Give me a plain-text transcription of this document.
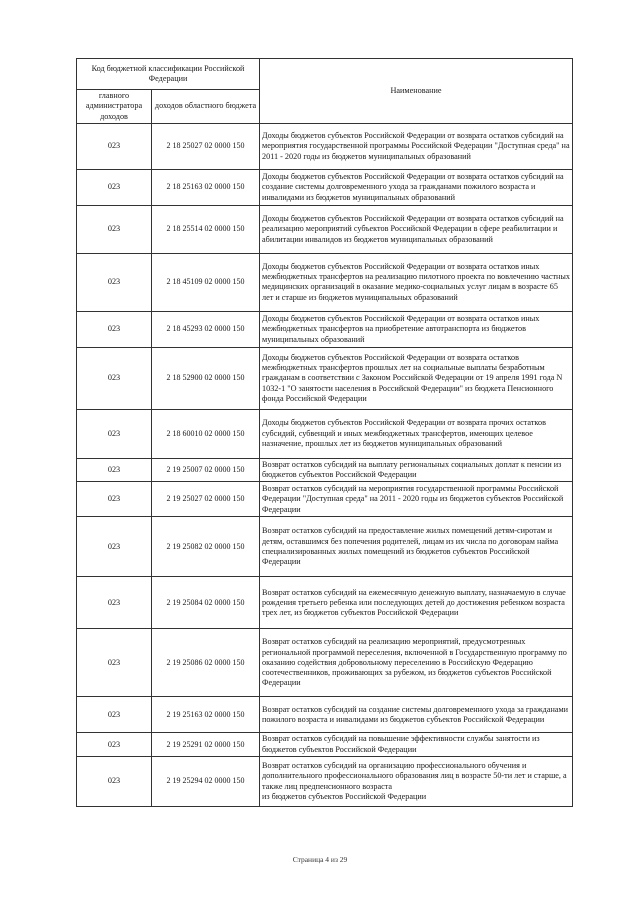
Код бюджетной классификации Российской Федерации		Наименование
главного администратора доходов	доходов областного бюджета	
023	2 18 25027 02 0000 150	Доходы бюджетов субъектов Российской Федерации от возврата остатков субсидий на мероприятия государственной программы Российской Федерации "Доступная среда" на 2011 - 2020 годы из бюджетов муниципальных образований
023	2 18 25163 02 0000 150	Доходы бюджетов субъектов Российской Федерации от возврата остатков субсидий на создание системы долговременного ухода за гражданами пожилого возраста и инвалидами из бюджетов муниципальных образований
023	2 18 25514 02 0000 150	Доходы бюджетов субъектов Российской Федерации от возврата остатков субсидий на реализацию мероприятий субъектов Российской Федерации в сфере реабилитации и абилитации инвалидов из бюджетов муниципальных образований
023	2 18 45109 02 0000 150	Доходы бюджетов субъектов Российской Федерации от возврата остатков иных межбюджетных трансфертов на реализацию пилотного проекта по вовлечению частных медицинских организаций в оказание медико-социальных услуг лицам в возрасте 65 лет и старше из бюджетов муниципальных образований
023	2 18 45293 02 0000 150	Доходы бюджетов субъектов Российской Федерации от возврата остатков иных межбюджетных трансфертов на приобретение автотранспорта из бюджетов муниципальных образований
023	2 18 52900 02 0000 150	Доходы бюджетов субъектов Российской Федерации от возврата остатков межбюджетных трансфертов прошлых лет на социальные выплаты безработным гражданам в соответствии с Законом Российской Федерации от 19 апреля 1991 года N 1032-1 "О занятости населения в Российской Федерации" из бюджета Пенсионного фонда Российской Федерации
023	2 18 60010 02 0000 150	Доходы бюджетов субъектов Российской Федерации от возврата прочих остатков субсидий, субвенций и иных межбюджетных трансфертов, имеющих целевое назначение, прошлых лет из бюджетов муниципальных образований
023	2 19 25007 02 0000 150	Возврат остатков субсидий на выплату региональных социальных доплат к пенсии из бюджетов субъектов Российской Федерации
023	2 19 25027 02 0000 150	Возврат остатков субсидий на мероприятия государственной программы Российской Федерации "Доступная среда" на 2011 - 2020 годы из бюджетов субъектов Российской Федерации
023	2 19 25082 02 0000 150	Возврат остатков субсидий на предоставление жилых помещений детям-сиротам и детям, оставшимся без попечения родителей, лицам из их числа по договорам найма специализированных жилых помещений из бюджетов субъектов Российской Федерации
023	2 19 25084 02 0000 150	Возврат остатков субсидий на ежемесячную денежную выплату, назначаемую в случае рождения третьего ребенка или последующих детей до достижения ребенком возраста трех лет, из бюджетов субъектов Российской Федерации
023	2 19 25086 02 0000 150	Возврат остатков субсидий на реализацию мероприятий, предусмотренных региональной программой переселения, включенной в Государственную программу по оказанию содействия добровольному переселению в Российскую Федерацию соотечественников, проживающих за рубежом, из бюджетов субъектов Российской Федерации
023	2 19 25163 02 0000 150	Возврат остатков субсидий на создание системы долговременного ухода за гражданами пожилого возраста и инвалидами из бюджетов субъектов Российской Федерации
023	2 19 25291 02 0000 150	Возврат остатков субсидий на повышение эффективности службы занятости из бюджетов субъектов Российской Федерации
023	2 19 25294 02 0000 150	Возврат остатков субсидий на организацию профессионального обучения и дополнительного профессионального образования лиц в возрасте 50-ти лет и старше, а также лиц предпенсионного возраста
из бюджетов субъектов Российской Федерации
Страница 4 из 29
